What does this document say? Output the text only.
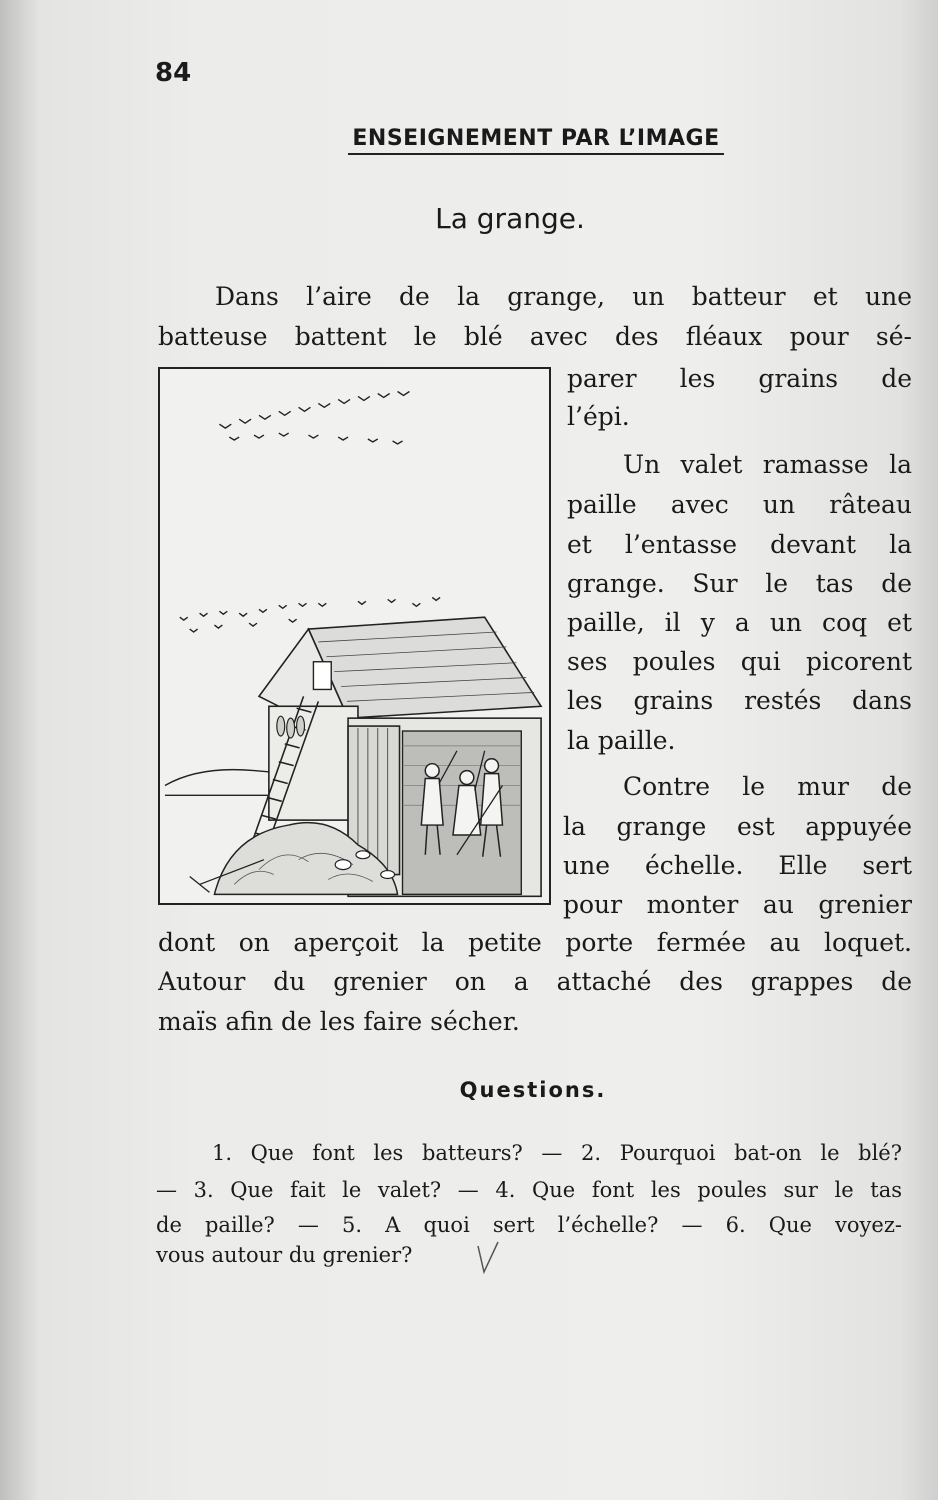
84
ENSEIGNEMENT PAR L’IMAGE
La grange.
Dans l’aire de la grange, un batteur et une
batteuse battent le blé avec des fléaux pour sé-
parer les grains de
l’épi.
Un valet ramasse la
paille avec un râteau
et l’entasse devant la
grange. Sur le tas de
paille, il y a un coq et
ses poules qui picorent
les grains restés dans
la paille.
Contre le mur de
la grange est appuyée
une échelle. Elle sert
pour monter au grenier
dont on aperçoit la petite porte fermée au loquet.
Autour du grenier on a attaché des grappes de
maïs afin de les faire sécher.
Questions.
1. Que font les batteurs? — 2. Pourquoi bat-on le blé?
— 3. Que fait le valet? — 4. Que font les poules sur le tas
de paille? — 5. A quoi sert l’échelle? — 6. Que voyez-
vous autour du grenier?
